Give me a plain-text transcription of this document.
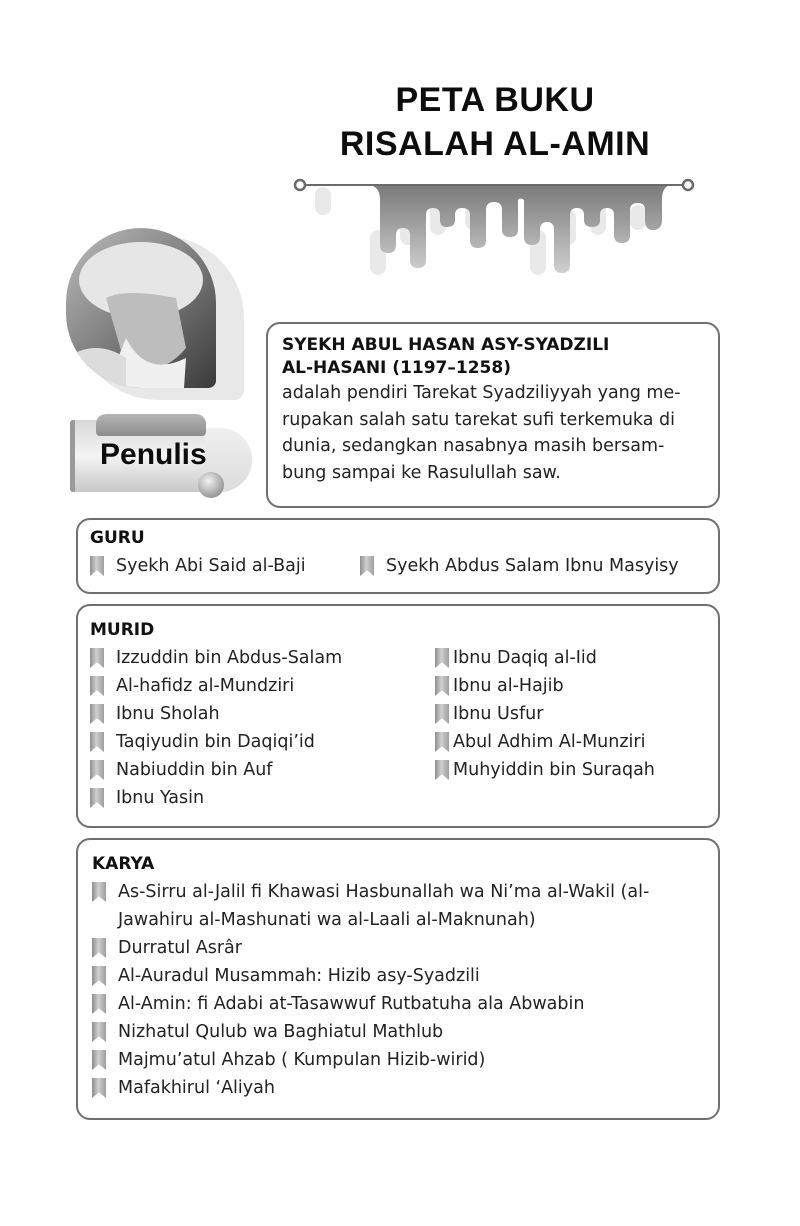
PETA BUKU
RISALAH AL-AMIN
Penulis
SYEKH ABUL HASAN ASY-SYADZILI
AL-HASANI (1197–1258)
adalah pendiri Tarekat Syadziliyyah yang me-
rupakan salah satu tarekat sufi terkemuka di
dunia, sedangkan nasabnya masih bersam-
bung sampai ke Rasulullah saw.
GURU
Syekh Abi Said al-Baji	Syekh Abdus Salam Ibnu Masyisy
MURID
Izzuddin bin Abdus-Salam
Al-hafidz al-Mundziri
Ibnu Sholah
Taqiyudin bin Daqiqi’id
Nabiuddin bin Auf
Ibnu Yasin
Ibnu Daqiq al-Iid
Ibnu al-Hajib
Ibnu Usfur
Abul Adhim Al-Munziri
Muhyiddin bin Suraqah
KARYA
As-Sirru al-Jalil fi Khawasi Hasbunallah wa Ni’ma al-Wakil (al-Jawahiru al-Mashunati wa al-Laali al-Maknunah)
Durratul Asrâr
Al-Auradul Musammah: Hizib asy-Syadzili
Al-Amin: fi Adabi at-Tasawwuf Rutbatuha ala Abwabin
Nizhatul Qulub wa Baghiatul Mathlub
Majmu’atul Ahzab ( Kumpulan Hizib-wirid)
Mafakhirul ‘Aliyah
